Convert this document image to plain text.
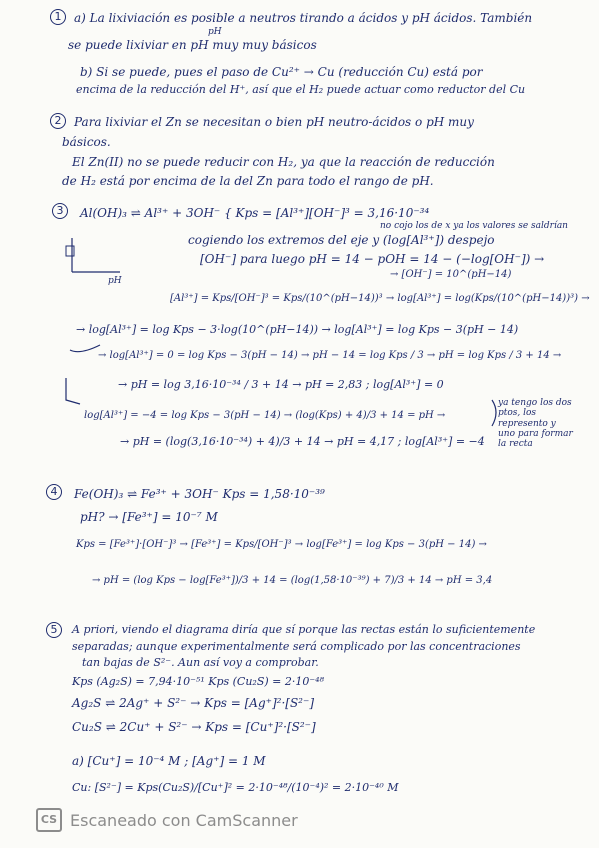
1	a) La lixiviación es posible a neutros tirando a ácidos y pH ácidos. También
pH
se puede lixiviar en pH muy muy básicos
b) Si se puede, pues el paso de Cu²⁺ → Cu (reducción Cu) está por
encima de la reducción del H⁺, así que el H₂ puede actuar como reductor del Cu
2	Para lixiviar el Zn se necesitan o bien pH neutro-ácidos o pH muy
básicos.
El Zn(II) no se puede reducir con H₂, ya que la reacción de reducción
de H₂ está por encima de la del Zn para todo el rango de pH.
3	Al(OH)₃ ⇌ Al³⁺ + 3OH⁻ { Kps = [Al³⁺][OH⁻]³ = 3,16·10⁻³⁴
no cojo los de x ya los valores se saldrían
cogiendo los extremos del eje y (log[Al³⁺]) despejo
[OH⁻] para luego pH = 14 − pOH = 14 − (−log[OH⁻]) →
→ [OH⁻] = 10^(pH−14)
pH
[Al³⁺] = Kps/[OH⁻]³ = Kps/(10^(pH−14))³ → log[Al³⁺] = log(Kps/(10^(pH−14))³) →
→ log[Al³⁺] = log Kps − 3·log(10^(pH−14)) → log[Al³⁺] = log Kps − 3(pH − 14)
→ log[Al³⁺] = 0 = log Kps − 3(pH − 14) → pH − 14 = log Kps / 3 → pH = log Kps / 3 + 14 →
→ pH = log 3,16·10⁻³⁴ / 3 + 14 → pH = 2,83 ; log[Al³⁺] = 0
log[Al³⁺] = −4 = log Kps − 3(pH − 14) → (log(Kps) + 4)/3 + 14 = pH →
→ pH = (log(3,16·10⁻³⁴) + 4)/3 + 14 → pH = 4,17 ; log[Al³⁺] = −4
ya tengo los dos ptos, los represento y uno para formar la recta
4	Fe(OH)₃ ⇌ Fe³⁺ + 3OH⁻ Kps = 1,58·10⁻³⁹
pH? → [Fe³⁺] = 10⁻⁷ M
Kps = [Fe³⁺]·[OH⁻]³ → [Fe³⁺] = Kps/[OH⁻]³ → log[Fe³⁺] = log Kps − 3(pH − 14) →
→ pH = (log Kps − log[Fe³⁺])/3 + 14 = (log(1,58·10⁻³⁹) + 7)/3 + 14 → pH = 3,4
5	A priori, viendo el diagrama diría que sí porque las rectas están lo suficientemente
separadas; aunque experimentalmente será complicado por las concentraciones
tan bajas de S²⁻. Aun así voy a comprobar.
Kps (Ag₂S) = 7,94·10⁻⁵¹ Kps (Cu₂S) = 2·10⁻⁴⁸
Ag₂S ⇌ 2Ag⁺ + S²⁻ → Kps = [Ag⁺]²·[S²⁻]
Cu₂S ⇌ 2Cu⁺ + S²⁻ → Kps = [Cu⁺]²·[S²⁻]
a) [Cu⁺] = 10⁻⁴ M ; [Ag⁺] = 1 M
Cu: [S²⁻] = Kps(Cu₂S)/[Cu⁺]² = 2·10⁻⁴⁸/(10⁻⁴)² = 2·10⁻⁴⁰ M
CS Escaneado con CamScanner
